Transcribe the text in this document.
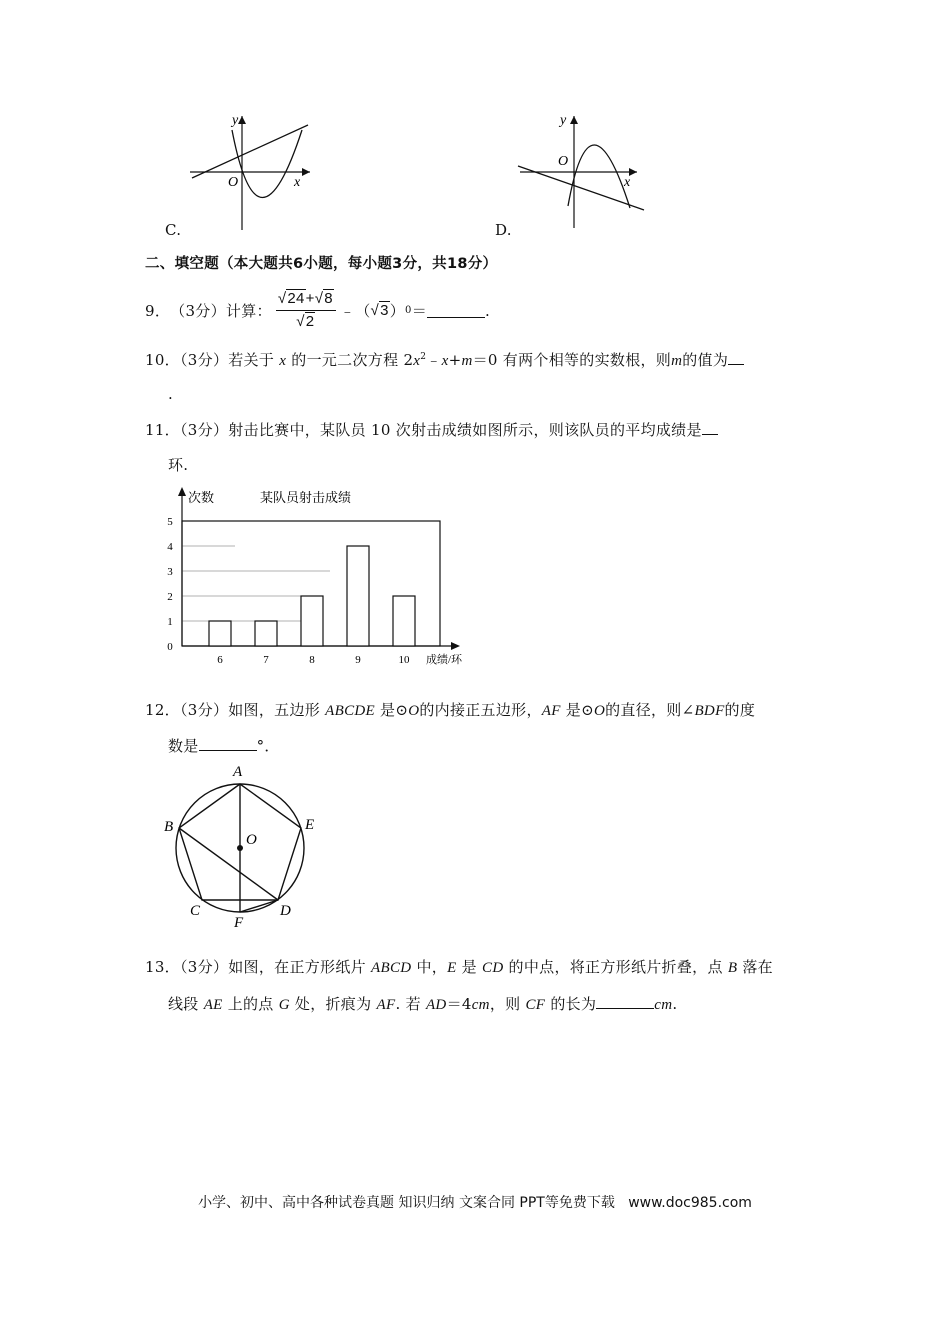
y
x
O
C.
y
x
O
D.
二、填空题（本大题共6小题，每小题3分，共18分）
9． （3分） 计算： $\frac{√24+√8}{√2}$ ﹣（ √3 ） 0 ＝	.
10．（3分）若关于 x 的一元二次方程 $2x^2﹣x+m=0$ 有两个相等的实数根，则m的值为
.
11．（3分）射击比赛中，某队员 10 次射击成绩如图所示，则该队员的平均成绩是
环.
0
1
2
3
4
5
6	7	8	9	10
次数	某队员射击成绩
成绩/环
12．（3分）如图，五边形 ABCDE 是⊙O的内接正五边形，AF 是⊙O的直径，则∠BDF的度
数是	°．
A
B
C	D
E
F
O
13．（3分）如图，在正方形纸片 ABCD 中，E 是 CD 的中点，将正方形纸片折叠，点 B 落在
线段 AE 上的点 G 处，折痕为 AF. 若 AD＝4cm，则 CF 的长为	cm.
小学、初中、高中各种试卷真题 知识归纳 文案合同 PPT等免费下载   www.doc985.com
